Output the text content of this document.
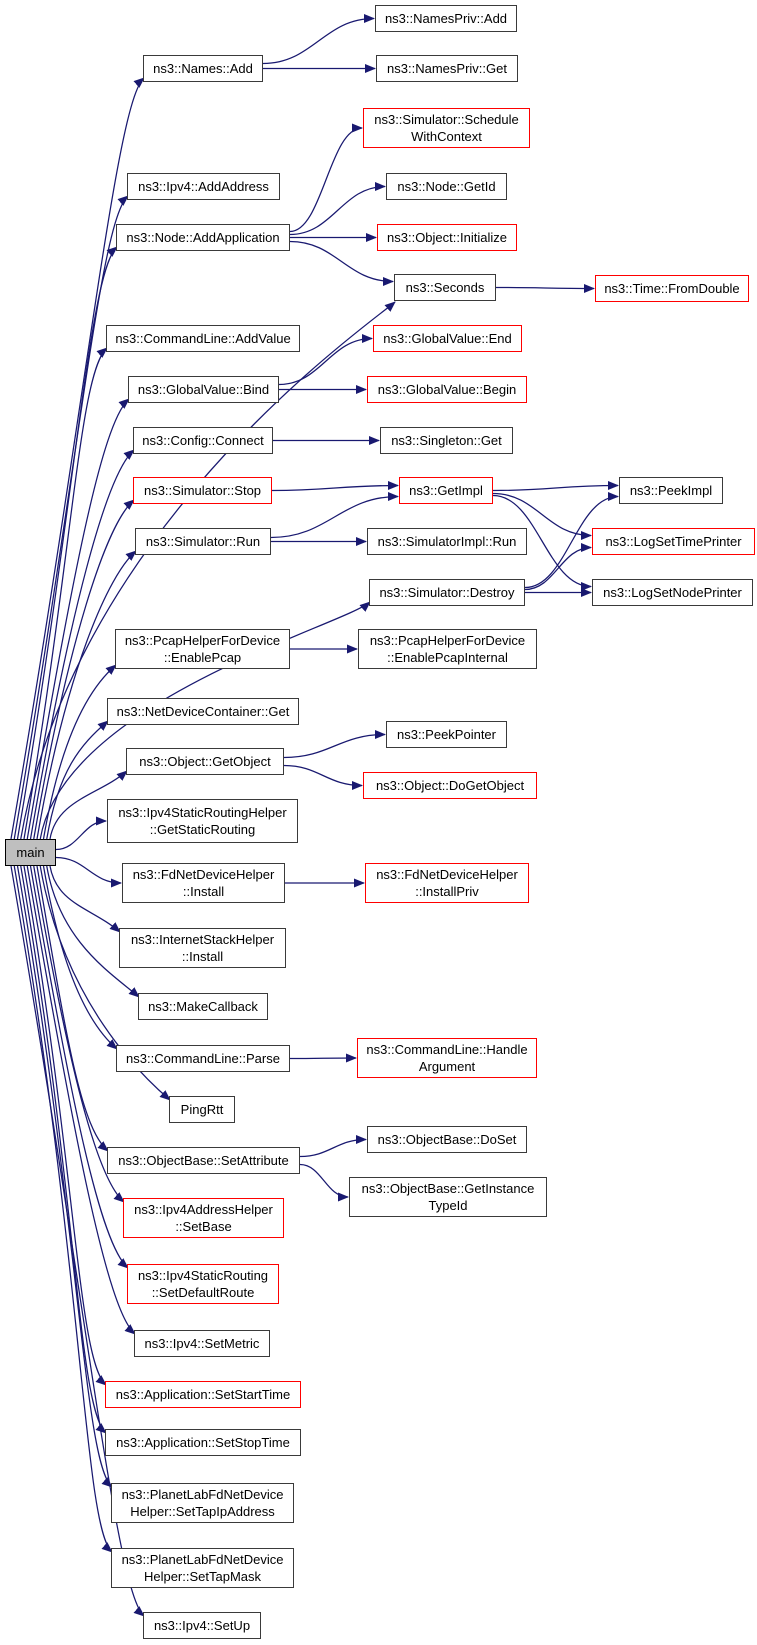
main
ns3::Names::Add
ns3::Ipv4::AddAddress
ns3::Node::AddApplication
ns3::CommandLine::AddValue
ns3::GlobalValue::Bind
ns3::Config::Connect
ns3::Simulator::Stop
ns3::Simulator::Run
ns3::PcapHelperForDevice
::EnablePcap
ns3::NetDeviceContainer::Get
ns3::Object::GetObject
ns3::Ipv4StaticRoutingHelper
::GetStaticRouting
ns3::FdNetDeviceHelper
::Install
ns3::InternetStackHelper
::Install
ns3::MakeCallback
ns3::CommandLine::Parse
PingRtt
ns3::ObjectBase::SetAttribute
ns3::Ipv4AddressHelper
::SetBase
ns3::Ipv4StaticRouting
::SetDefaultRoute
ns3::Ipv4::SetMetric
ns3::Application::SetStartTime
ns3::Application::SetStopTime
ns3::PlanetLabFdNetDevice
Helper::SetTapIpAddress
ns3::PlanetLabFdNetDevice
Helper::SetTapMask
ns3::Ipv4::SetUp
ns3::NamesPriv::Add
ns3::NamesPriv::Get
ns3::Simulator::Schedule
WithContext
ns3::Node::GetId
ns3::Object::Initialize
ns3::Seconds
ns3::GlobalValue::End
ns3::GlobalValue::Begin
ns3::Singleton::Get
ns3::GetImpl
ns3::SimulatorImpl::Run
ns3::Simulator::Destroy
ns3::PcapHelperForDevice
::EnablePcapInternal
ns3::PeekPointer
ns3::Object::DoGetObject
ns3::FdNetDeviceHelper
::InstallPriv
ns3::CommandLine::Handle
Argument
ns3::ObjectBase::DoSet
ns3::ObjectBase::GetInstance
TypeId
ns3::Time::FromDouble
ns3::PeekImpl
ns3::LogSetTimePrinter
ns3::LogSetNodePrinter
